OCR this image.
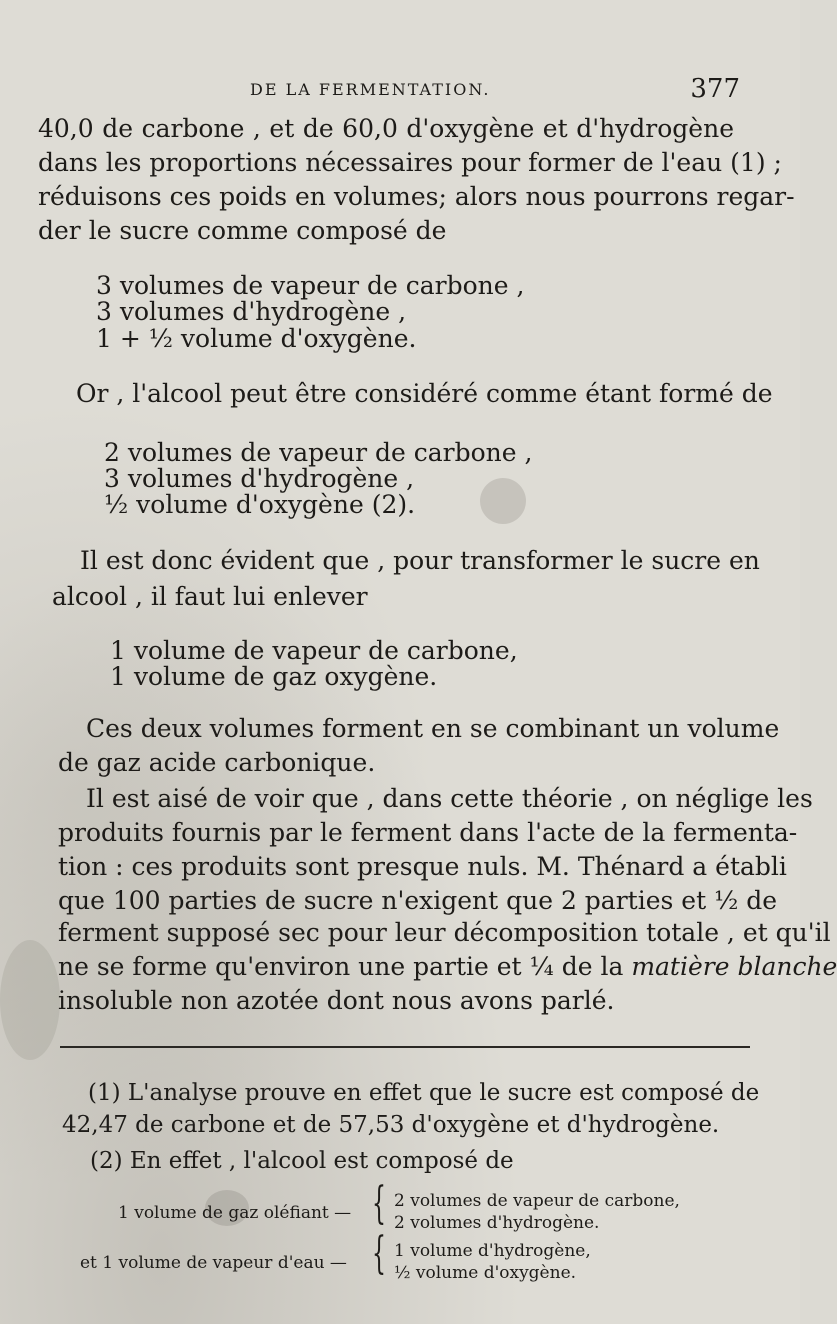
DE LA FERMENTATION.	377
40,0 de carbone , et de 60,0 d'oxygène et d'hydrogène
dans les proportions nécessaires pour former de l'eau (1) ;
réduisons ces poids en volumes; alors nous pourrons regar-
der le sucre comme composé de
3 volumes de vapeur de carbone ,
3 volumes d'hydrogène ,
1 + ½ volume d'oxygène.
Or , l'alcool peut être considéré comme étant formé de
2 volumes de vapeur de carbone ,
3 volumes d'hydrogène ,
½ volume d'oxygène (2).
Il est donc évident que , pour transformer le sucre en
alcool , il faut lui enlever
1 volume de vapeur de carbone,
1 volume de gaz oxygène.
Ces deux volumes forment en se combinant un volume
de gaz acide carbonique.
Il est aisé de voir que , dans cette théorie , on néglige les
produits fournis par le ferment dans l'acte de la fermenta-
tion : ces produits sont presque nuls. M. Thénard a établi
que 100 parties de sucre n'exigent que 2 parties et ½ de
ferment supposé sec pour leur décomposition totale , et qu'il
ne se forme qu'environ une partie et ¼ de la matière blanche
insoluble non azotée dont nous avons parlé.
(1) L'analyse prouve en effet que le sucre est composé de
42,47 de carbone et de 57,53 d'oxygène et d'hydrogène.
(2) En effet , l'alcool est composé de
1 volume de gaz oléfiant — { 2 volumes de vapeur de carbone,
2 volumes d'hydrogène.
et 1 volume de vapeur d'eau — { 1 volume d'hydrogène,
½ volume d'oxygène.
